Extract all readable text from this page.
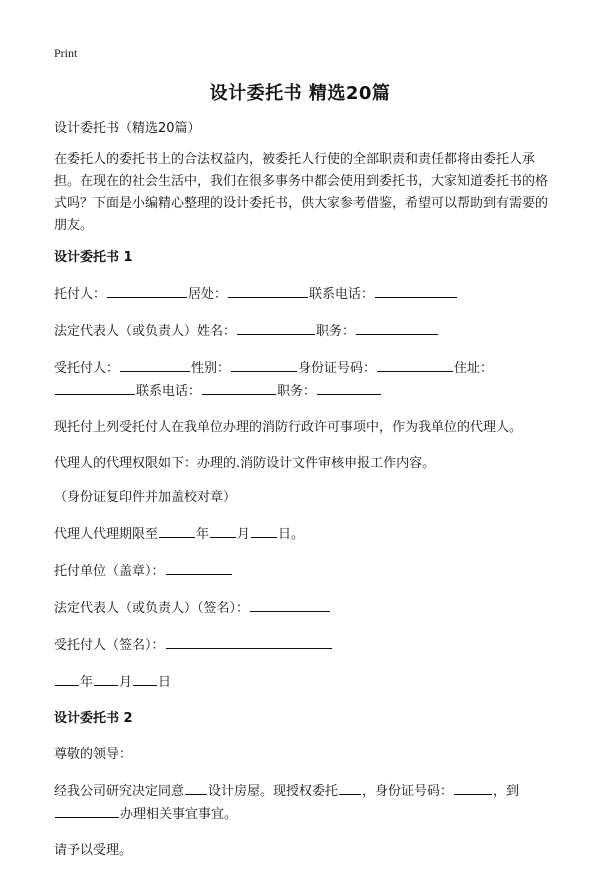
Print
设计委托书 精选20篇

设计委托书（精选20篇）

在委托人的委托书上的合法权益内，被委托人行使的全部职责和责任都将由委托人承担。在现在的社会生活中，我们在很多事务中都会使用到委托书，大家知道委托书的格式吗？下面是小编精心整理的设计委托书，供大家参考借鉴，希望可以帮助到有需要的朋友。

设计委托书 1

托付人：	居处：	联系电话：

法定代表人（或负责人）姓名：	职务：

受托付人：	性别：	身份证号码：	住址：
联系电话：	职务：

现托付上列受托付人在我单位办理的消防行政许可事项中，作为我单位的代理人。

代理人的代理权限如下：办理的.消防设计文件审核申报工作内容。

（身份证复印件并加盖校对章）

代理人代理期限至	年 月 日。

托付单位（盖章）：

法定代表人（或负责人）（签名）：

受托付人（签名）：

年 月 日

设计委托书 2

尊敬的领导：

经我公司研究决定同意 设计房屋。现授权委托 ，身份证号码：	，到
办理相关事宜事宜。

请予以受理。
